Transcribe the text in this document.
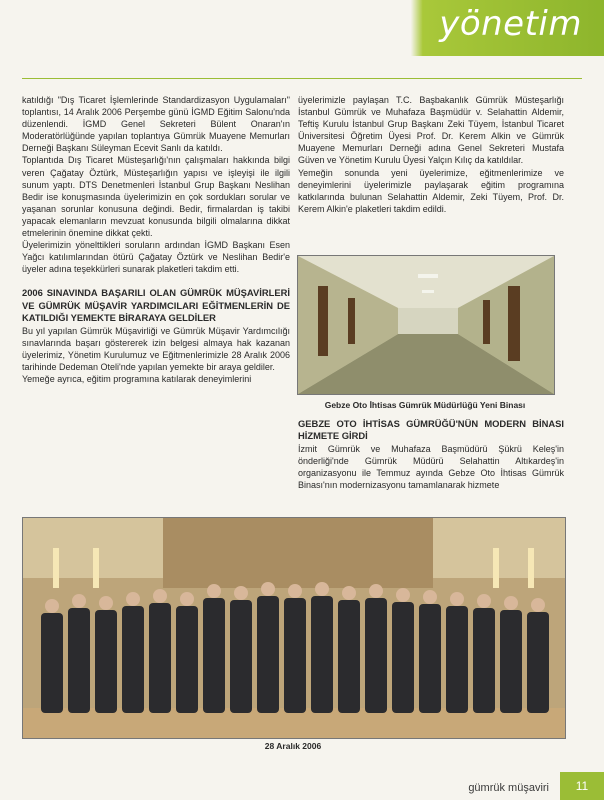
yönetim

katıldığı "Dış Ticaret İşlemlerinde Standardizasyon Uygulamaları" toplantısı, 14 Aralık 2006 Perşembe günü İGMD Eğitim Salonu'nda düzenlendi. İGMD Genel Sekreteri Bülent Onaran'ın Moderatörlüğünde yapılan toplantıya Gümrük Muayene Memurları Derneği Başkanı Süleyman Ecevit Sanlı da katıldı.

Toplantıda Dış Ticaret Müsteşarlığı'nın çalışmaları hakkında bilgi veren Çağatay Öztürk, Müsteşarlığın yapısı ve işleyişi ile ilgili sunum yaptı. DTS Denetmenleri İstanbul Grup Başkanı Neslihan Bedir ise konuşmasında üyelerimizin en çok sordukları sorular ve yaşanan sorunlar konusuna değindi. Bedir, firmalardan iş takibi yapacak elemanların mevzuat konusunda bilgili olmalarına dikkat etmelerinin önemine dikkat çekti.

Üyelerimizin yönelttikleri soruların ardından İGMD Başkanı Esen Yağcı katılımlarından ötürü Çağatay Öztürk ve Neslihan Bedir'e üyeler adına teşekkürleri sunarak plaketleri takdim etti.

2006 SINAVINDA BAŞARILI OLAN GÜMRÜK MÜŞAVİRLERİ VE GÜMRÜK MÜŞAVİR YARDIMCILARI EĞİTMENLERİN DE KATILDIĞI YEMEKTE BİRARAYA GELDİLER

Bu yıl yapılan Gümrük Müşavirliği ve Gümrük Müşavir Yardımcılığı sınavlarında başarı göstererek izin belgesi almaya hak kazanan üyelerimiz, Yönetim Kurulumuz ve Eğitmenlerimizle 28 Aralık 2006 tarihinde Dedeman Oteli'nde yapılan yemekte bir araya geldiler.

Yemeğe ayrıca, eğitim programına katılarak deneyimlerini

üyelerimizle paylaşan T.C. Başbakanlık Gümrük Müsteşarlığı İstanbul Gümrük ve Muhafaza Başmüdür v. Selahattin Aldemir, Teftiş Kurulu İstanbul Grup Başkanı Zeki Tüyem, İstanbul Ticaret Üniversitesi Öğretim Üyesi Prof. Dr. Kerem Alkin ve Gümrük Muayene Memurları Derneği adına Genel Sekreteri Mustafa Güven ve Yönetim Kurulu Üyesi Yalçın Kılıç da katıldılar.

Yemeğin sonunda yeni üyelerimize, eğitmenlerimize ve deneyimlerini üyelerimizle paylaşarak eğitim programına katkılarında bulunan Selahattin Aldemir, Zeki Tüyem, Prof. Dr. Kerem Alkin'e plaketleri takdim edildi.

Gebze Oto İhtisas Gümrük Müdürlüğü Yeni Binası

GEBZE OTO İHTİSAS GÜMRÜĞÜ'NÜN MODERN BİNASI HİZMETE GİRDİ

İzmit Gümrük ve Muhafaza Başmüdürü Şükrü Keleş'in önderliği'nde Gümrük Müdürü Selahattin Altıkardeş'in organizasyonu ile Temmuz ayında Gebze Oto İhtisas Gümrük Binası'nın modernizasyonu tamamlanarak hizmete

28 Aralık 2006
gümrük müşaviri	11
